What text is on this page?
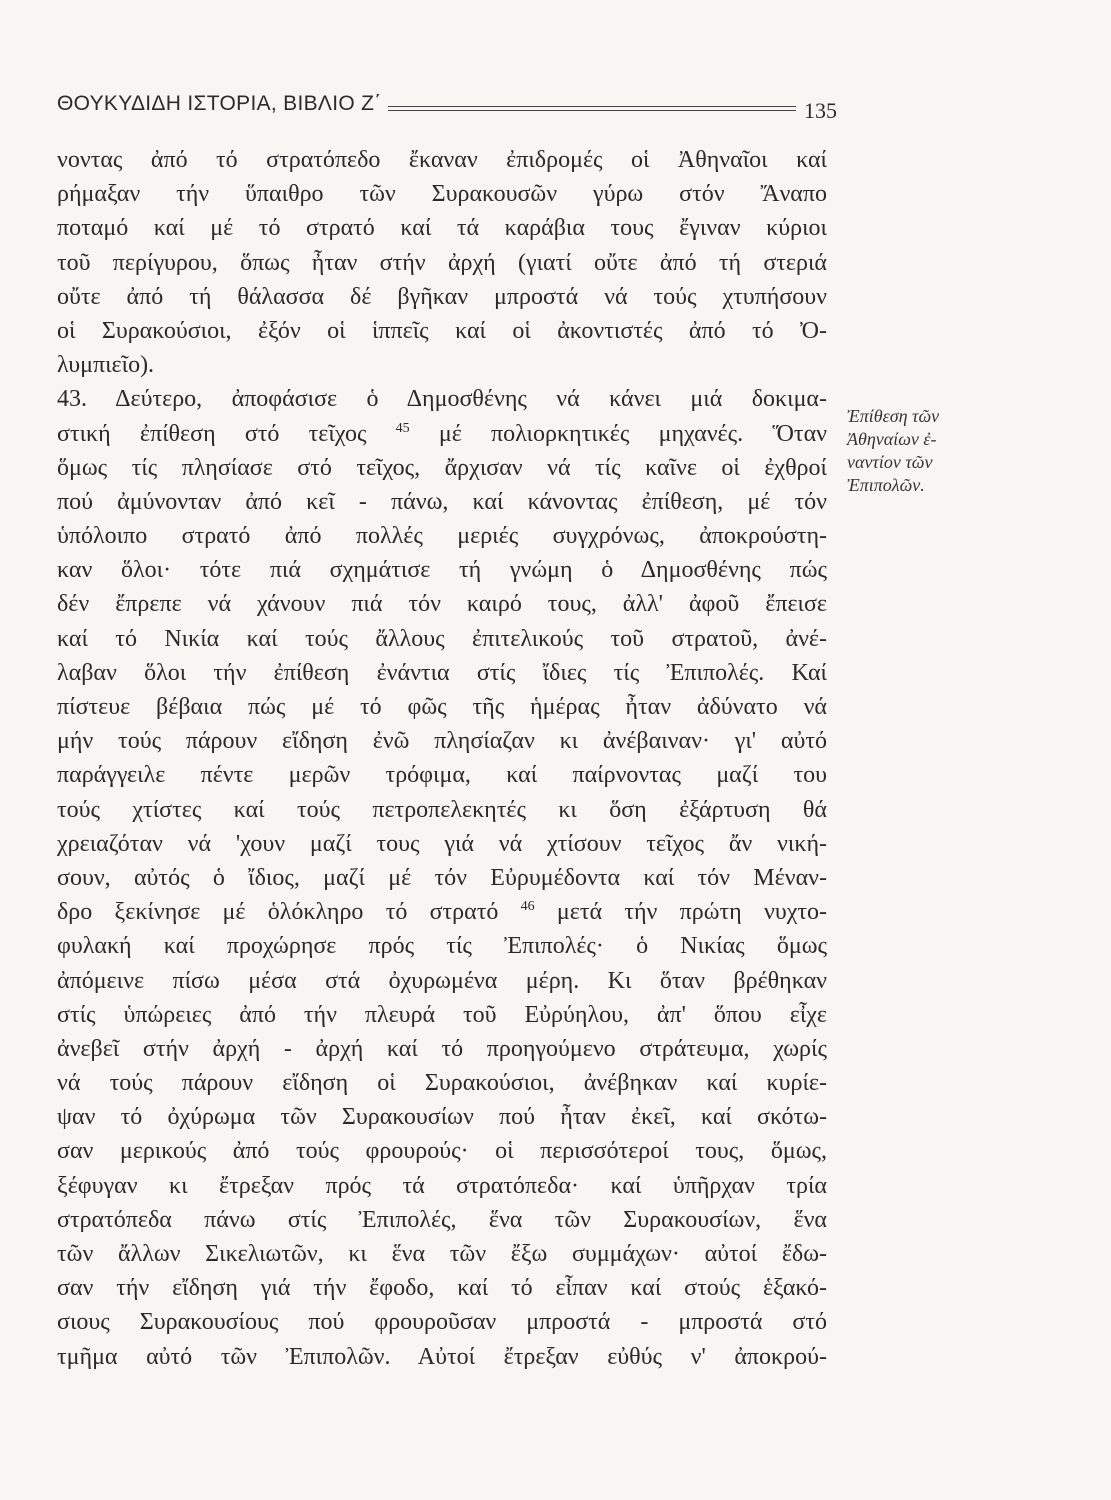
ΘΟΥΚΥΔΙΔΗ ΙΣΤΟΡΙΑ, ΒΙΒΛΙΟ Ζ΄	135
νοντας ἀπό τό στρατόπεδο ἔκαναν ἐπιδρομές οἱ Ἀθηναῖοι καί
ρήμαξαν τήν ὕπαιθρο τῶν Συρακουσῶν γύρω στόν Ἄναπο
ποταμό καί μέ τό στρατό καί τά καράβια τους ἔγιναν κύριοι
τοῦ περίγυρου, ὅπως ἦταν στήν ἀρχή (γιατί οὔτε ἀπό τή στεριά
οὔτε ἀπό τή θάλασσα δέ βγῆκαν μπροστά νά τούς χτυπήσουν
οἱ Συρακούσιοι, ἐξόν οἱ ἱππεῖς καί οἱ ἀκοντιστές ἀπό τό Ὀ-
λυμπιεῖο).
43. Δεύτερο, ἀποφάσισε ὁ Δημοσθένης νά κάνει μιά δοκιμα-
στική ἐπίθεση στό τεῖχος $^{45}$ μέ πολιορκητικές μηχανές. Ὅταν
ὅμως τίς πλησίασε στό τεῖχος, ἄρχισαν νά τίς καῖνε οἱ ἐχθροί
πού ἀμύνονταν ἀπό κεῖ - πάνω, καί κάνοντας ἐπίθεση, μέ τόν
ὑπόλοιπο στρατό ἀπό πολλές μεριές συγχρόνως, ἀποκρούστη-
καν ὅλοι· τότε πιά σχημάτισε τή γνώμη ὁ Δημοσθένης πώς
δέν ἔπρεπε νά χάνουν πιά τόν καιρό τους, ἀλλ' ἀφοῦ ἔπεισε
καί τό Νικία καί τούς ἄλλους ἐπιτελικούς τοῦ στρατοῦ, ἀνέ-
λαβαν ὅλοι τήν ἐπίθεση ἐνάντια στίς ἴδιες τίς Ἐπιπολές. Καί
πίστευε βέβαια πώς μέ τό φῶς τῆς ἡμέρας ἦταν ἀδύνατο νά
μήν τούς πάρουν εἴδηση ἐνῶ πλησίαζαν κι ἀνέβαιναν· γι' αὐτό
παράγγειλε πέντε μερῶν τρόφιμα, καί παίρνοντας μαζί του
τούς χτίστες καί τούς πετροπελεκητές κι ὅση ἐξάρτυση θά
χρειαζόταν νά 'χουν μαζί τους γιά νά χτίσουν τεῖχος ἄν νική-
σουν, αὐτός ὁ ἴδιος, μαζί μέ τόν Εὐρυμέδοντα καί τόν Μέναν-
δρο ξεκίνησε μέ ὁλόκληρο τό στρατό $^{46}$ μετά τήν πρώτη νυχτο-
φυλακή καί προχώρησε πρός τίς Ἐπιπολές· ὁ Νικίας ὅμως
ἀπόμεινε πίσω μέσα στά ὀχυρωμένα μέρη. Κι ὅταν βρέθηκαν
στίς ὑπώρειες ἀπό τήν πλευρά τοῦ Εὐρύηλου, ἀπ' ὅπου εἶχε
ἀνεβεῖ στήν ἀρχή - ἀρχή καί τό προηγούμενο στράτευμα, χωρίς
νά τούς πάρουν εἴδηση οἱ Συρακούσιοι, ἀνέβηκαν καί κυρίε-
ψαν τό ὀχύρωμα τῶν Συρακουσίων πού ἦταν ἐκεῖ, καί σκότω-
σαν μερικούς ἀπό τούς φρουρούς· οἱ περισσότεροί τους, ὅμως,
ξέφυγαν κι ἔτρεξαν πρός τά στρατόπεδα· καί ὑπῆρχαν τρία
στρατόπεδα πάνω στίς Ἐπιπολές, ἕνα τῶν Συρακουσίων, ἕνα
τῶν ἄλλων Σικελιωτῶν, κι ἕνα τῶν ἔξω συμμάχων· αὐτοί ἔδω-
σαν τήν εἴδηση γιά τήν ἔφοδο, καί τό εἶπαν καί στούς ἑξακό-
σιους Συρακουσίους πού φρουροῦσαν μπροστά - μπροστά στό
τμῆμα αὐτό τῶν Ἐπιπολῶν. Αὐτοί ἔτρεξαν εὐθύς ν' ἀποκρού-
Ἐπίθεση τῶν
Ἀθηναίων ἐ-
ναντίον τῶν
Ἐπιπολῶν.
